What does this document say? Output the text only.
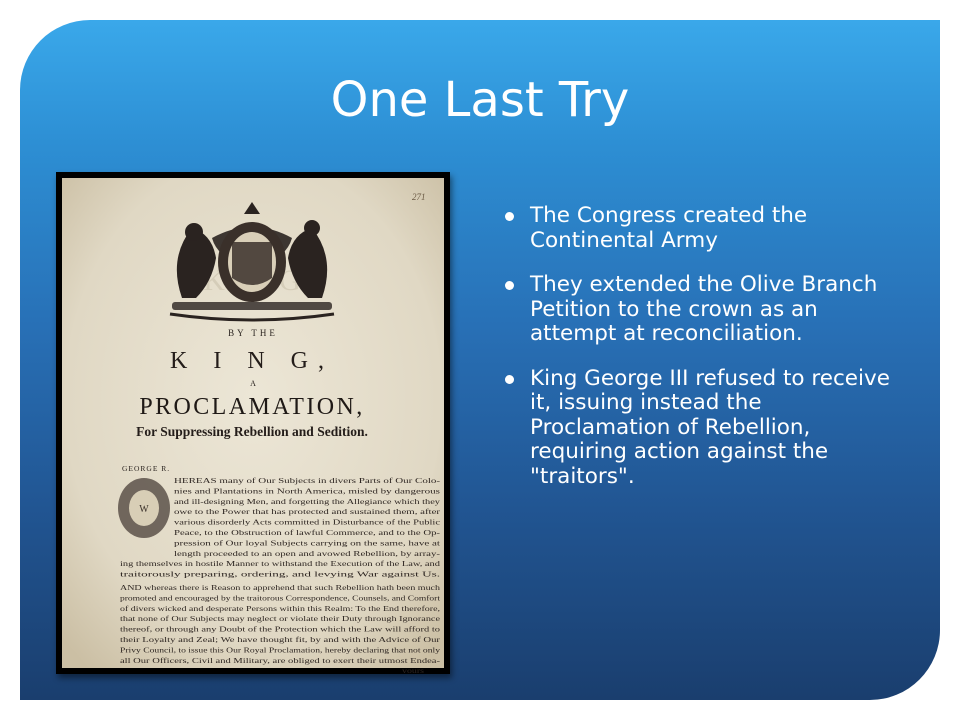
One Last Try
K G
271
BY THE
K I N G,
A
PROCLAMATION,
For Suppressing Rebellion and Sedition.
GEORGE R.
W
HEREAS many of Our Subjects in divers Parts of Our Colo-
nies and Plantations in North America, misled by dangerous
and ill-designing Men, and forgetting the Allegiance which they
owe to the Power that has protected and sustained them, after
various disorderly Acts committed in Disturbance of the Public
Peace, to the Obstruction of lawful Commerce, and to the Op-
pression of Our loyal Subjects carrying on the same, have at
length proceeded to an open and avowed Rebellion, by array-
ing themselves in hostile Manner to withstand the Execution of the Law, and
traitorously preparing, ordering, and levying War against Us.
AND whereas there is Reason to apprehend that such Rebellion hath been much
promoted and encouraged by the traitorous Correspondence, Counsels, and Comfort
of divers wicked and desperate Persons within this Realm: To the End therefore,
that none of Our Subjects may neglect or violate their Duty through Ignorance
thereof, or through any Doubt of the Protection which the Law will afford to
their Loyalty and Zeal; We have thought fit, by and with the Advice of Our
Privy Council, to issue this Our Royal Proclamation, hereby declaring that not only
all Our Officers, Civil and Military, are obliged to exert their utmost Endea-
vours
The Congress created the Continental Army
They extended the Olive Branch Petition to the crown as an attempt at reconciliation.
King George III refused to receive it, issuing instead the Proclamation of Rebellion, requiring action against the "traitors".
